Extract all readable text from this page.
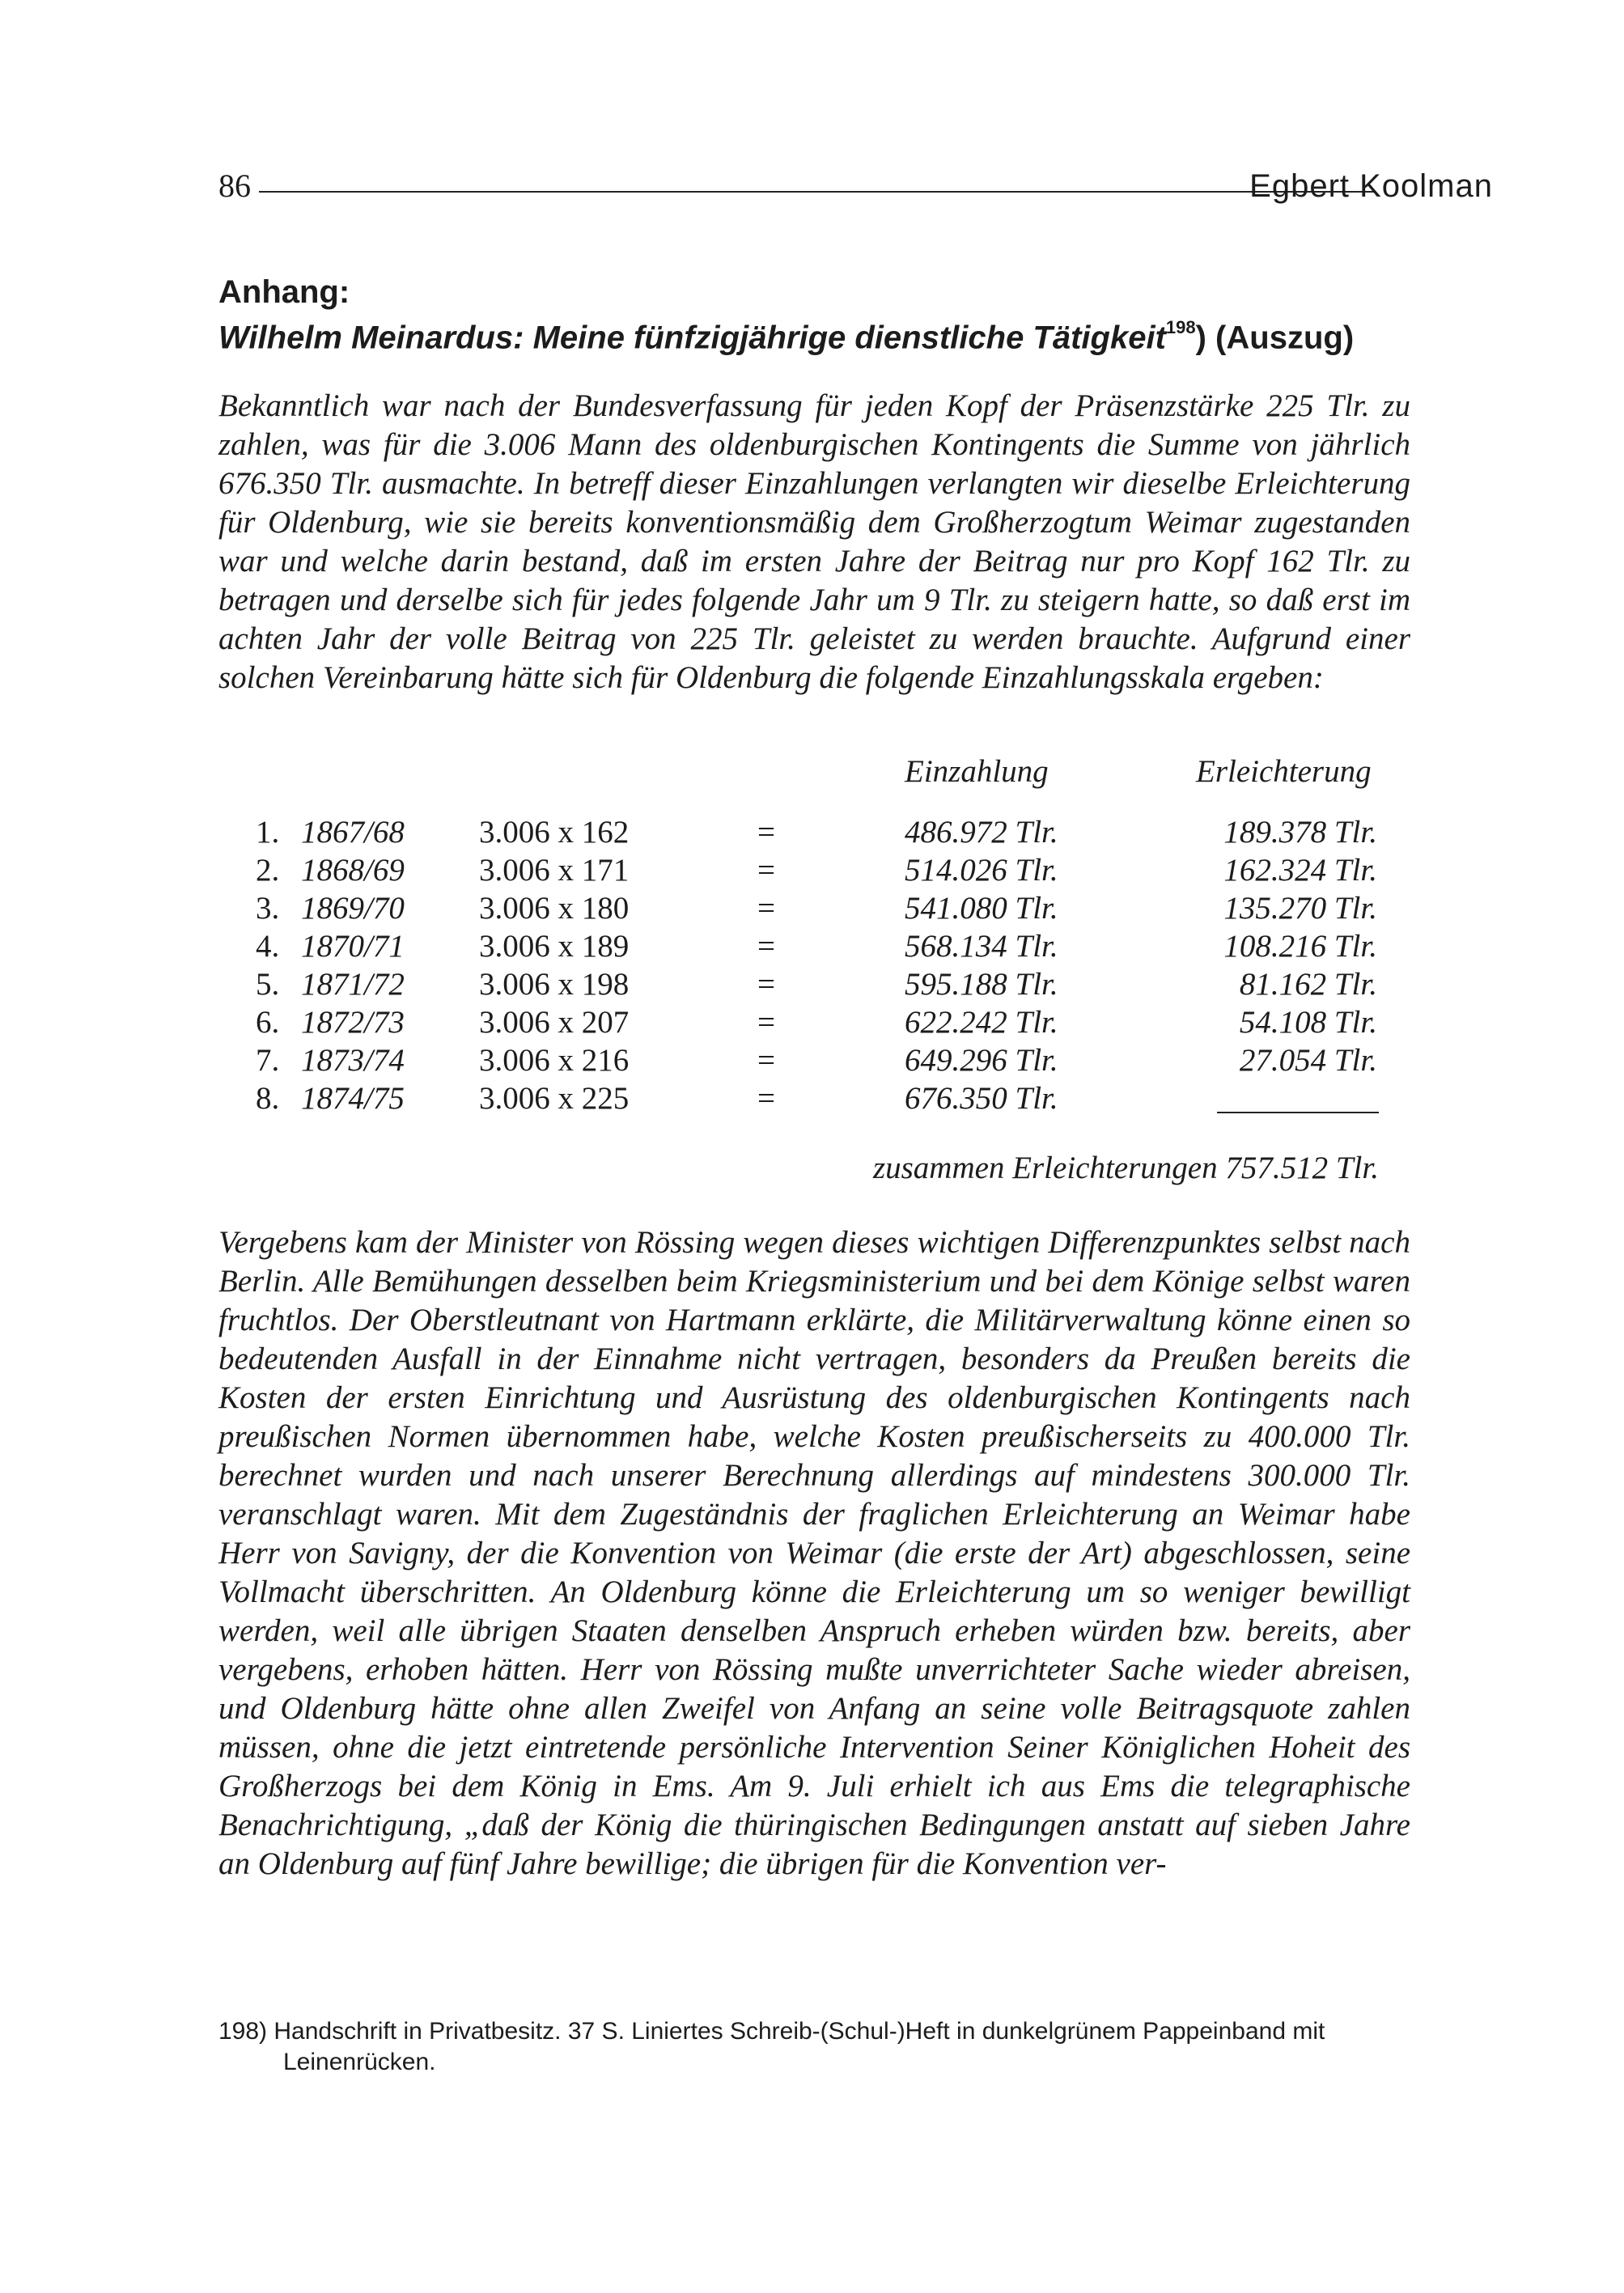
86	Egbert Koolman
Anhang:
Wilhelm Meinardus: Meine fünfzigjährige dienstliche Tätigkeit$^{198}$) (Auszug)
Bekanntlich war nach der Bundesverfassung für jeden Kopf der Präsenzstärke 225 Tlr. zu zahlen, was für die 3.006 Mann des oldenburgischen Kontingents die Summe von jährlich 676.350 Tlr. ausmachte. In betreff dieser Einzahlungen verlangten wir dieselbe Erleichterung für Oldenburg, wie sie bereits konventionsmäßig dem Großherzogtum Weimar zugestanden war und welche darin bestand, daß im ersten Jahre der Beitrag nur pro Kopf 162 Tlr. zu betragen und derselbe sich für jedes folgende Jahr um 9 Tlr. zu steigern hatte, so daß erst im achten Jahr der volle Beitrag von 225 Tlr. geleistet zu werden brauchte. Aufgrund einer solchen Vereinbarung hätte sich für Oldenburg die folgende Einzahlungsskala ergeben:
Einzahlung	Erleichterung
1. 1867/68 3.006 x 162	=	486.972 Tlr.	189.378 Tlr.
2. 1868/69 3.006 x 171	=	514.026 Tlr.	162.324 Tlr.
3. 1869/70 3.006 x 180	=	541.080 Tlr.	135.270 Tlr.
4. 1870/71 3.006 x 189	=	568.134 Tlr.	108.216 Tlr.
5. 1871/72 3.006 x 198	=	595.188 Tlr.	81.162 Tlr.
6. 1872/73 3.006 x 207	=	622.242 Tlr.	54.108 Tlr.
7. 1873/74 3.006 x 216	=	649.296 Tlr.	27.054 Tlr.
8. 1874/75 3.006 x 225	=	676.350 Tlr.
zusammen Erleichterungen 757.512 Tlr.
Vergebens kam der Minister von Rössing wegen dieses wichtigen Differenzpunktes selbst nach Berlin. Alle Bemühungen desselben beim Kriegsministerium und bei dem Könige selbst waren fruchtlos. Der Oberstleutnant von Hartmann erklärte, die Militärverwaltung könne einen so bedeutenden Ausfall in der Einnahme nicht vertragen, besonders da Preußen bereits die Kosten der ersten Einrichtung und Ausrüstung des oldenburgischen Kontingents nach preußischen Normen übernommen habe, welche Kosten preußischerseits zu 400.000 Tlr. berechnet wurden und nach unserer Berechnung allerdings auf mindestens 300.000 Tlr. veranschlagt waren. Mit dem Zugeständnis der fraglichen Erleichterung an Weimar habe Herr von Savigny, der die Konvention von Weimar (die erste der Art) abgeschlossen, seine Vollmacht überschritten. An Oldenburg könne die Erleichterung um so weniger bewilligt werden, weil alle übrigen Staaten denselben Anspruch erheben würden bzw. bereits, aber vergebens, erhoben hätten. Herr von Rössing mußte unverrichteter Sache wieder abreisen, und Oldenburg hätte ohne allen Zweifel von Anfang an seine volle Beitragsquote zahlen müssen, ohne die jetzt eintretende persönliche Intervention Seiner Königlichen Hoheit des Großherzogs bei dem König in Ems. Am 9. Juli erhielt ich aus Ems die telegraphische Benachrichtigung, „daß der König die thüringischen Bedingungen anstatt auf sieben Jahre an Oldenburg auf fünf Jahre bewillige; die übrigen für die Konvention ver-
198) Handschrift in Privatbesitz. 37 S. Liniertes Schreib-(Schul-)Heft in dunkelgrünem Pappeinband mit
Leinenrücken.
